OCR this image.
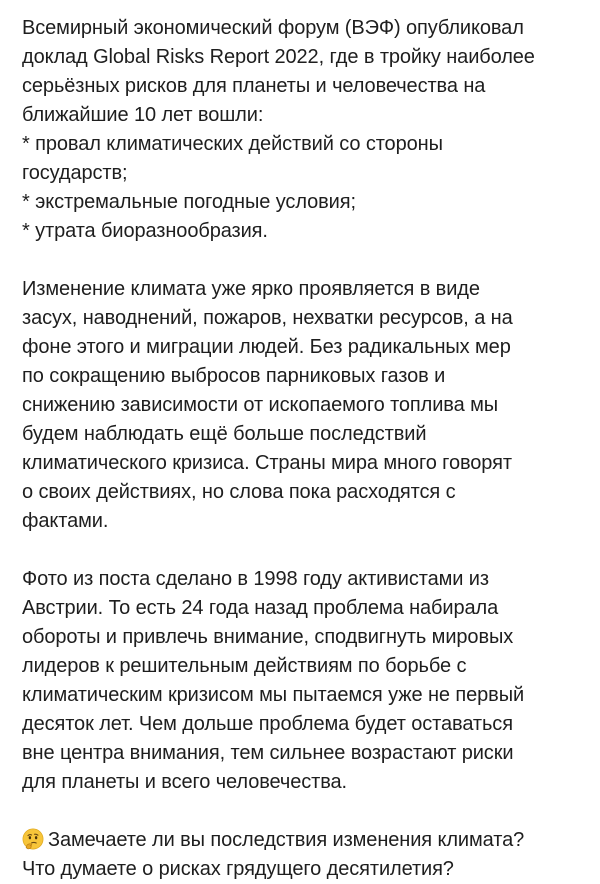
Всемирный экономический форум (ВЭФ) опубликовал
доклад Global Risks Report 2022, где в тройку наиболее
серьёзных рисков для планеты и человечества на
ближайшие 10 лет вошли:
* провал климатических действий со стороны
государств;
* экстремальные погодные условия;
* утрата биоразнообразия.
Изменение климата уже ярко проявляется в виде
засух, наводнений, пожаров, нехватки ресурсов, а на
фоне этого и миграции людей. Без радикальных мер
по сокращению выбросов парниковых газов и
снижению зависимости от ископаемого топлива мы
будем наблюдать ещё больше последствий
климатического кризиса. Страны мира много говорят
о своих действиях, но слова пока расходятся с
фактами.
Фото из поста сделано в 1998 году активистами из
Австрии. То есть 24 года назад проблема набирала
обороты и привлечь внимание, сподвигнуть мировых
лидеров к решительным действиям по борьбе с
климатическим кризисом мы пытаемся уже не первый
десяток лет. Чем дольше проблема будет оставаться
вне центра внимания, тем сильнее возрастают риски
для планеты и всего человечества.
Замечаете ли вы последствия изменения климата?
Что думаете о рисках грядущего десятилетия?
